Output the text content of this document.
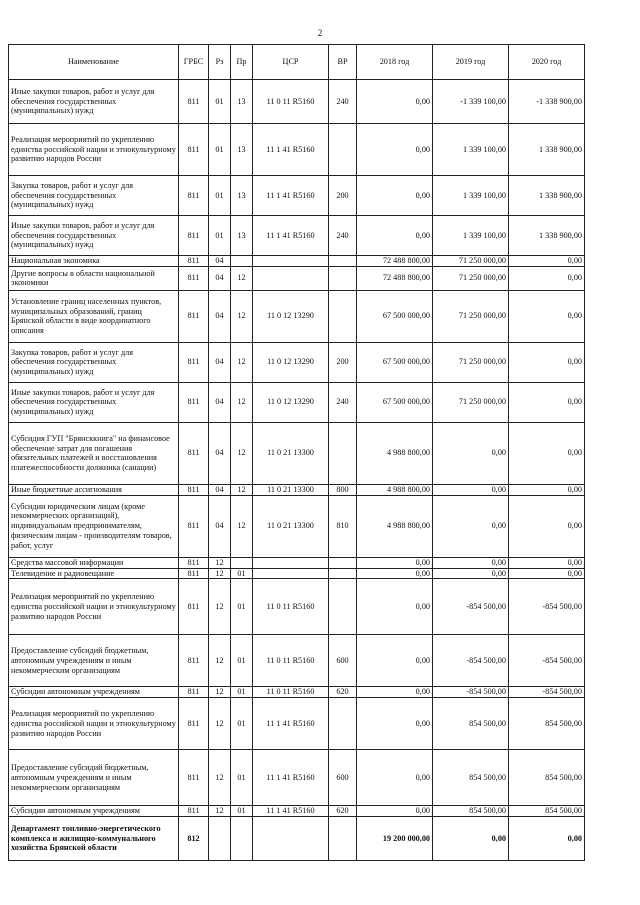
2
Наименование	ГРБС	Рз	Пр	ЦСР	ВР	2018 год	2019 год	2020 год
Иные закупки товаров, работ и услуг для обеспечения государственных (муниципальных) нужд	811	01	13	11 0 11 R5160	240	0,00	-1 339 100,00	-1 338 900,00
Реализация мероприятий по укреплению единства российской нации и этнокультурному развитию народов России	811	01	13	11 1 41 R5160		0,00	1 339 100,00	1 338 900,00
Закупка товаров, работ и услуг для обеспечения государственных (муниципальных) нужд	811	01	13	11 1 41 R5160	200	0,00	1 339 100,00	1 338 900,00
Иные закупки товаров, работ и услуг для обеспечения государственных (муниципальных) нужд	811	01	13	11 1 41 R5160	240	0,00	1 339 100,00	1 338 900,00
Национальная экономика	811	04				72 488 800,00	71 250 000,00	0,00
Другие вопросы в области национальной экономики	811	04	12			72 488 800,00	71 250 000,00	0,00
Установление границ населенных пунктов, муниципальных образований, границ Брянской области в виде координатного описания	811	04	12	11 0 12 13290		67 500 000,00	71 250 000,00	0,00
Закупка товаров, работ и услуг для обеспечения государственных (муниципальных) нужд	811	04	12	11 0 12 13290	200	67 500 000,00	71 250 000,00	0,00
Иные закупки товаров, работ и услуг для обеспечения государственных (муниципальных) нужд	811	04	12	11 0 12 13290	240	67 500 000,00	71 250 000,00	0,00
Субсидия ГУП "Брянсккнига" на финансовое обеспечение затрат для погашения обязательных платежей и восстановления платежеспособности должника (санации)	811	04	12	11 0 21 13300		4 988 800,00	0,00	0,00
Иные бюджетные ассигнования	811	04	12	11 0 21 13300	800	4 988 800,00	0,00	0,00
Субсидии юридическим лицам (кроме некоммерческих организаций), индивидуальным предпринимателям, физическим лицам - производителям товаров, работ, услуг	811	04	12	11 0 21 13300	810	4 988 800,00	0,00	0,00
Средства массовой информации	811	12				0,00	0,00	0,00
Телевидение и радиовещание	811	12	01			0,00	0,00	0,00
Реализация мероприятий по укреплению единства российской нации и этнокультурному развитию народов России	811	12	01	11 0 11 R5160		0,00	-854 500,00	-854 500,00
Предоставление субсидий бюджетным, автономным учреждениям и иным некоммерческим организациям	811	12	01	11 0 11 R5160	600	0,00	-854 500,00	-854 500,00
Субсидии автономным учреждениям	811	12	01	11 0 11 R5160	620	0,00	-854 500,00	-854 500,00
Реализация мероприятий по укреплению единства российской нации и этнокультурному развитию народов России	811	12	01	11 1 41 R5160		0,00	854 500,00	854 500,00
Предоставление субсидий бюджетным, автономным учреждениям и иным некоммерческим организациям	811	12	01	11 1 41 R5160	600	0,00	854 500,00	854 500,00
Субсидии автономным учреждениям	811	12	01	11 1 41 R5160	620	0,00	854 500,00	854 500,00
Департамент топливно-энергетического комплекса и жилищно-коммунального хозяйства Брянской области	812					19 200 000,00	0,00	0,00
